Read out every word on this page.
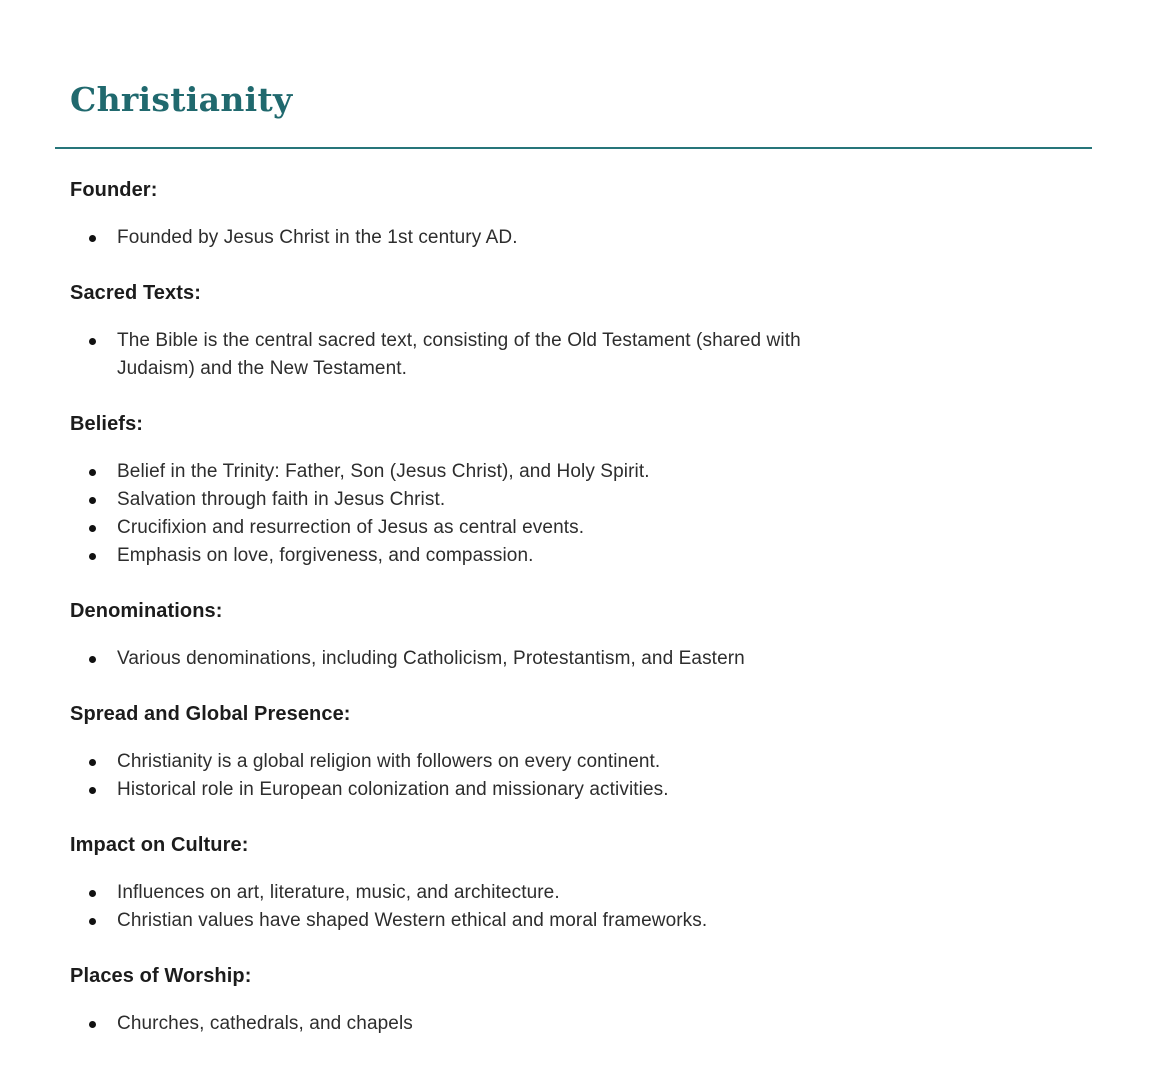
Christianity
Founder:
Founded by Jesus Christ in the 1st century AD.
Sacred Texts:
The Bible is the central sacred text, consisting of the Old Testament (shared with Judaism) and the New Testament.
Beliefs:
Belief in the Trinity: Father, Son (Jesus Christ), and Holy Spirit.
Salvation through faith in Jesus Christ.
Crucifixion and resurrection of Jesus as central events.
Emphasis on love, forgiveness, and compassion.
Denominations:
Various denominations, including Catholicism, Protestantism, and Eastern
Spread and Global Presence:
Christianity is a global religion with followers on every continent.
Historical role in European colonization and missionary activities.
Impact on Culture:
Influences on art, literature, music, and architecture.
Christian values have shaped Western ethical and moral frameworks.
Places of Worship:
Churches, cathedrals, and chapels
